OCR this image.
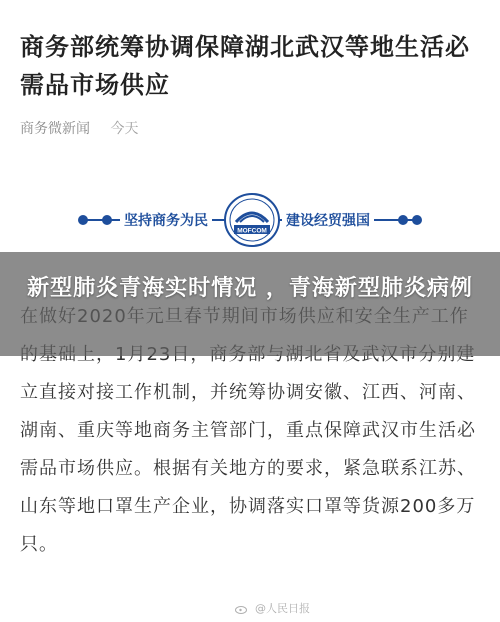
商务部统筹协调保障湖北武汉等地生活必需品市场供应
商务微新闻 今天
坚持商务为民	建设经贸强国
MOFCOM
立直接对接工作机制，并统筹协调安徽、江西、河南、湖南、重庆等地商务主管部门，重点保障武汉市生活必需品市场供应。根据有关地方的要求，紧急联系江苏、山东等地口罩生产企业，协调落实口罩等货源200多万只。
@人民日报
新型肺炎青海实时情况 ，青海新型肺炎病例
